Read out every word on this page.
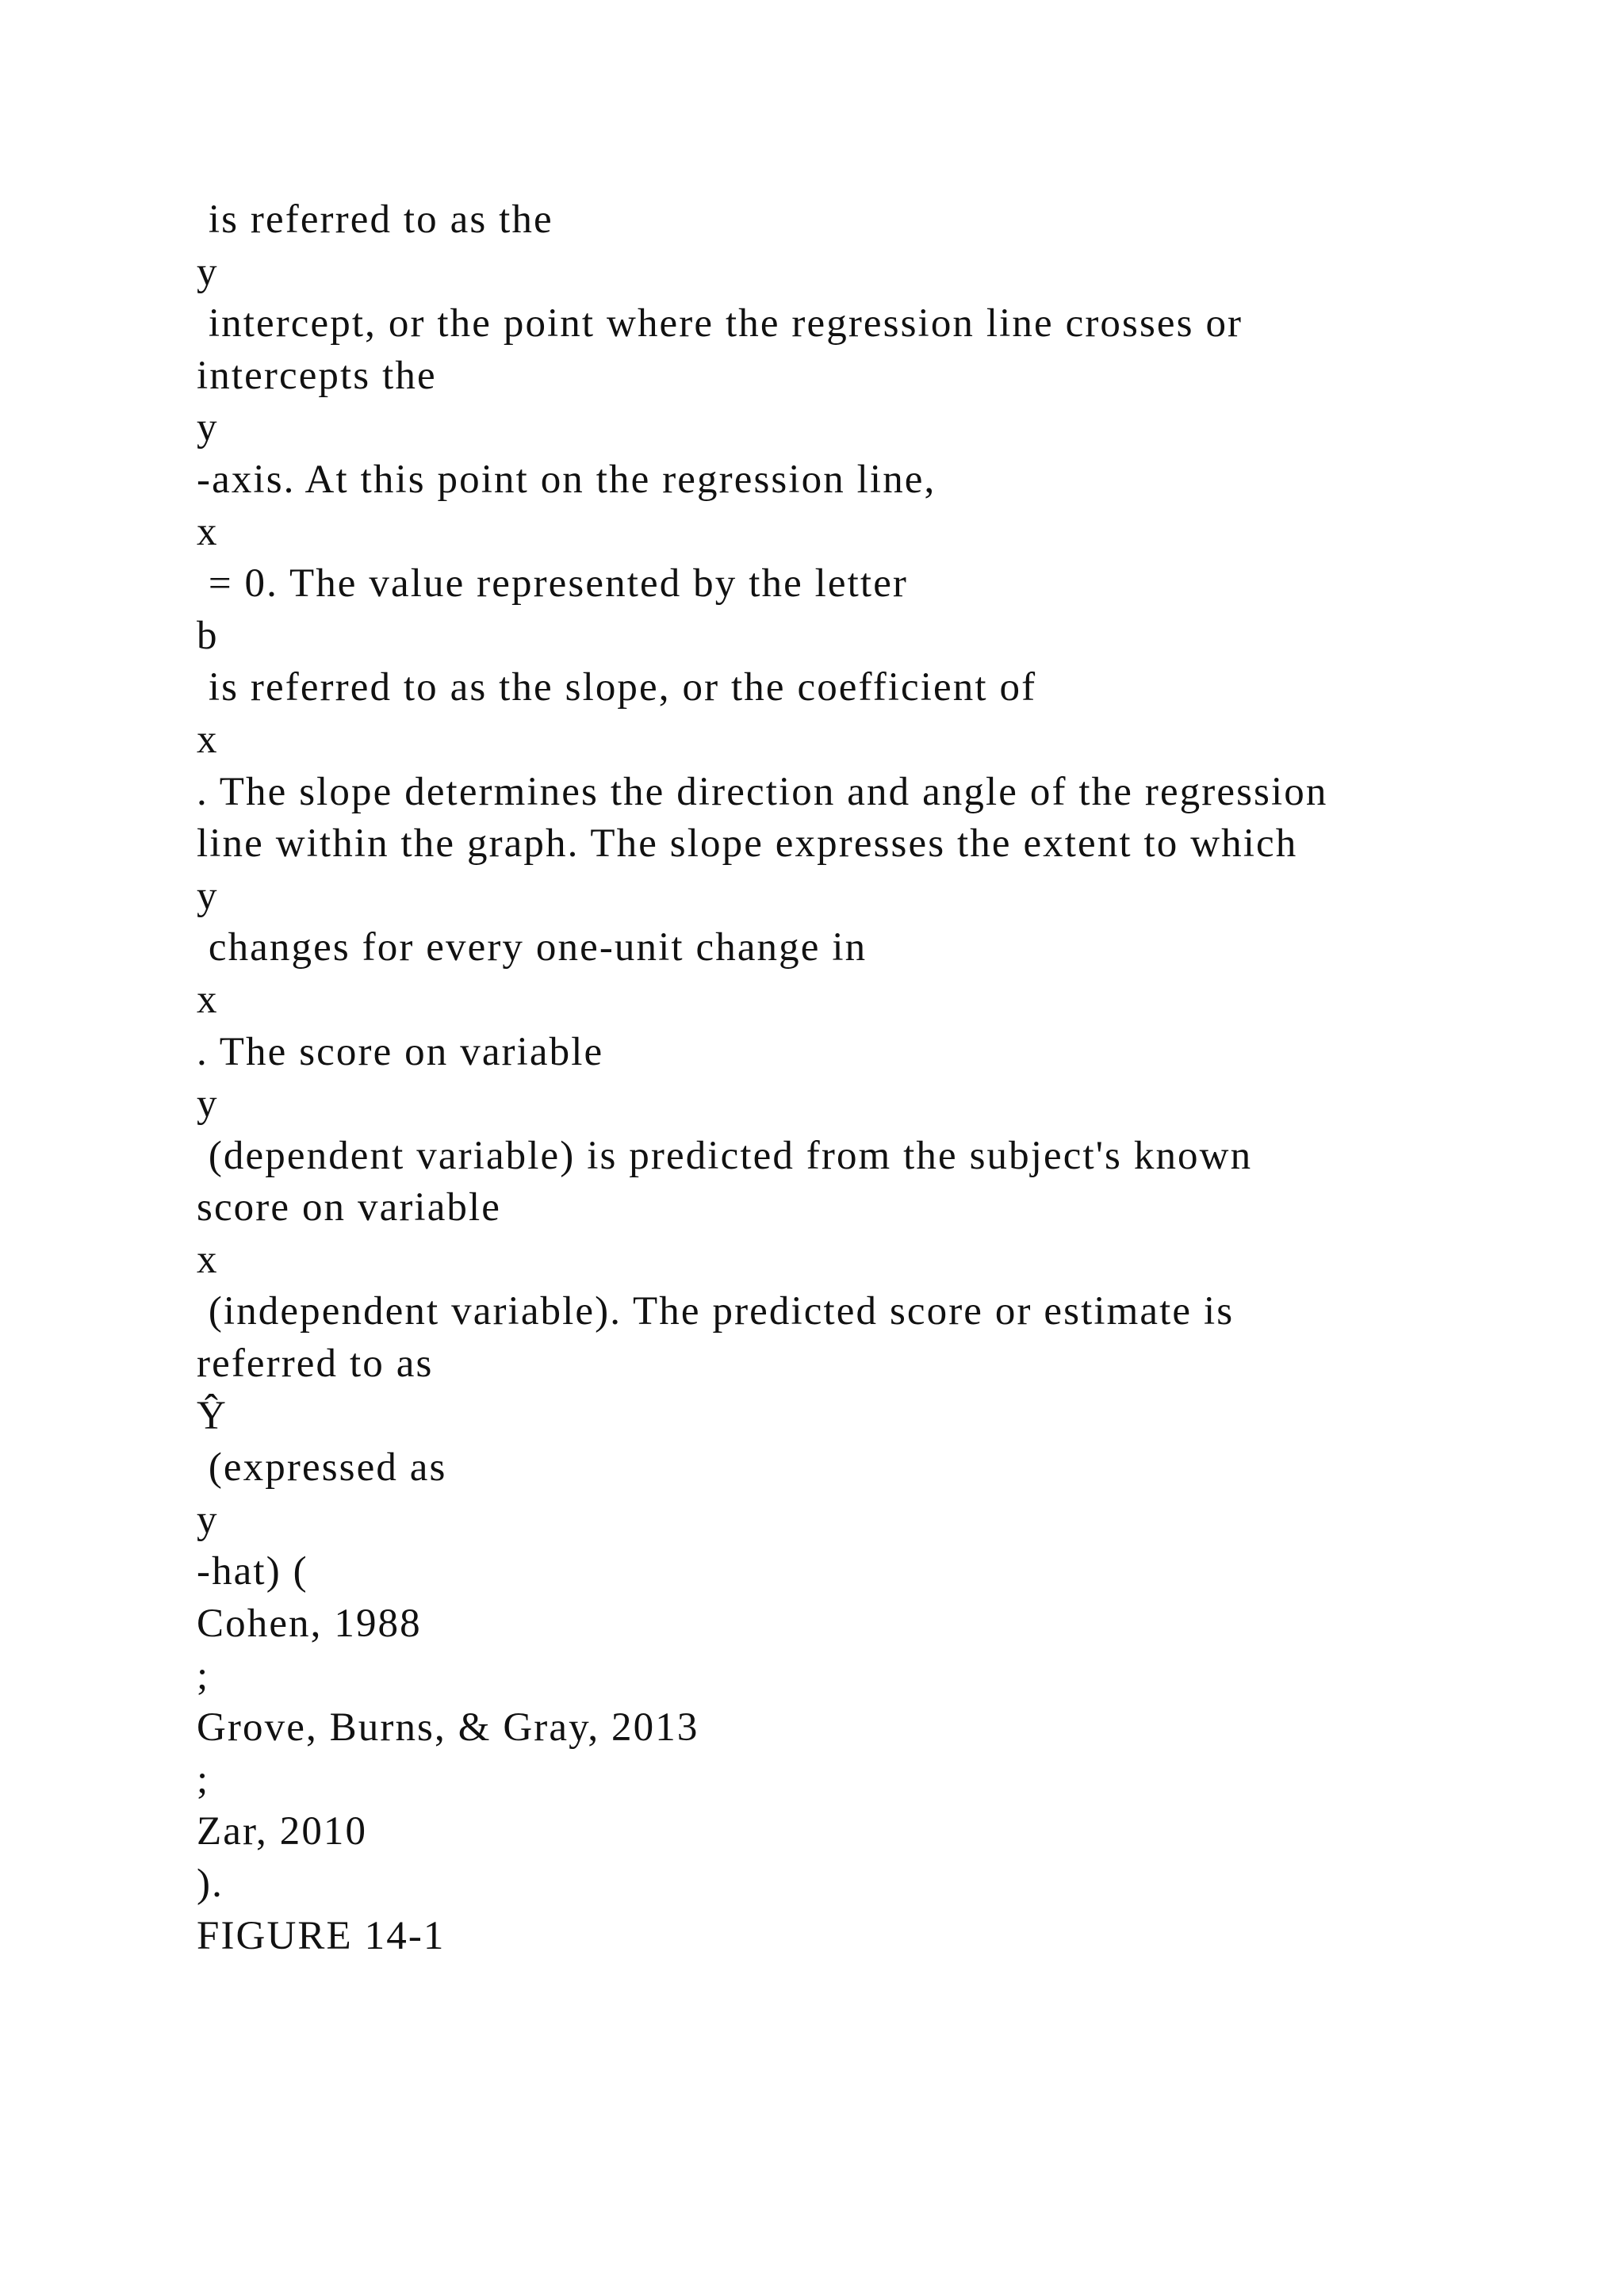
is referred to as the
y
intercept, or the point where the regression line crosses or
intercepts the
y
-axis. At this point on the regression line,
x
= 0. The value represented by the letter
b
is referred to as the slope, or the coefficient of
x
. The slope determines the direction and angle of the regression
line within the graph. The slope expresses the extent to which
y
changes for every one-unit change in
x
. The score on variable
y
(dependent variable) is predicted from the subject's known
score on variable
x
(independent variable). The predicted score or estimate is
referred to as
Ŷ
(expressed as
y
-hat) (
Cohen, 1988
;
Grove, Burns, & Gray, 2013
;
Zar, 2010
).
FIGURE 14-1
